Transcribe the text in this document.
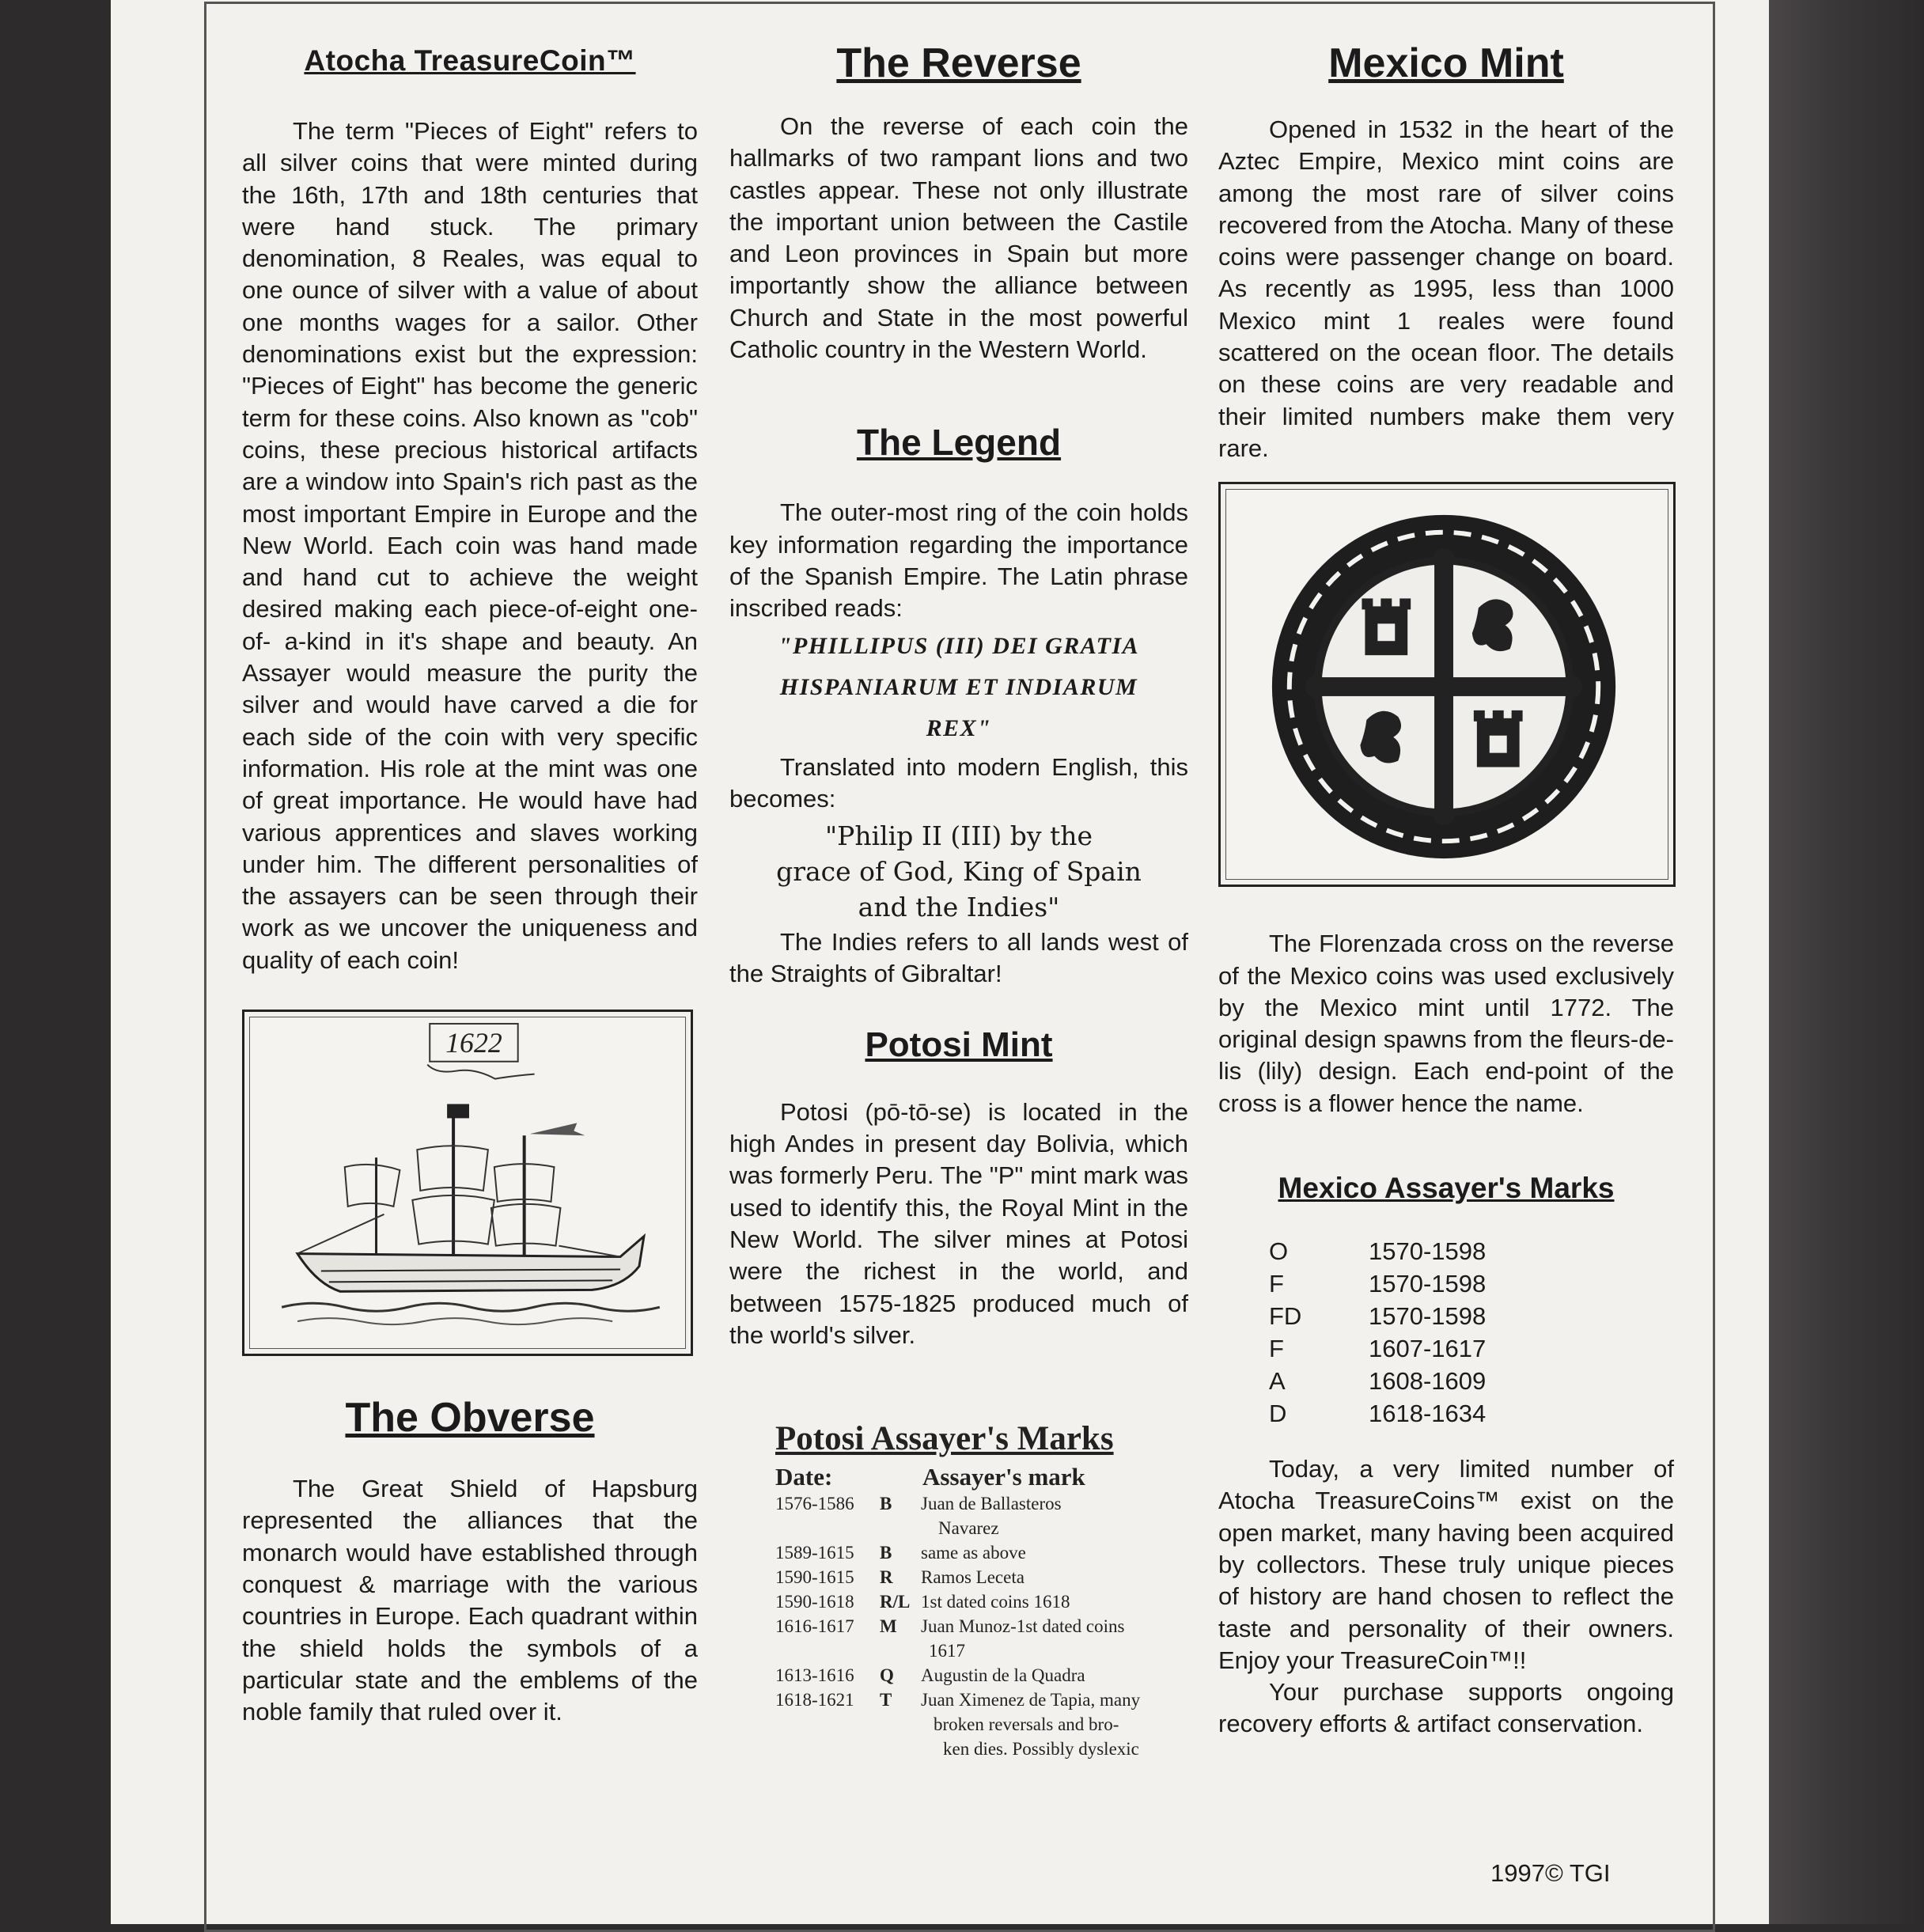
Atocha TreasureCoin™

The term "Pieces of Eight" refers to all silver coins that were minted during the 16th, 17th and 18th centuries that were hand stuck. The primary denomination, 8 Reales, was equal to one ounce of silver with a value of about one months wages for a sailor. Other denominations exist but the expression: "Pieces of Eight" has become the generic term for these coins. Also known as "cob" coins, these precious historical artifacts are a window into Spain's rich past as the most important Empire in Europe and the New World. Each coin was hand made and hand cut to achieve the weight desired making each piece-of-eight one-of- a-kind in it's shape and beauty. An Assayer would measure the purity the silver and would have carved a die for each side of the coin with very specific information. His role at the mint was one of great importance. He would have had various apprentices and slaves working under him. The different personalities of the assayers can be seen through their work as we uncover the uniqueness and quality of each coin!

1622
The Obverse

The Great Shield of Hapsburg represented the alliances that the monarch would have established through conquest & marriage with the various countries in Europe. Each quadrant within the shield holds the symbols of a particular state and the emblems of the noble family that ruled over it.

The Reverse

On the reverse of each coin the hallmarks of two rampant lions and two castles appear. These not only illustrate the important union between the Castile and Leon provinces in Spain but more importantly show the alliance between Church and State in the most powerful Catholic country in the Western World.

The Legend

The outer-most ring of the coin holds key information regarding the importance of the Spanish Empire. The Latin phrase inscribed reads:

"PHILLIPUS (III) DEI GRATIA
HISPANIARUM ET INDIARUM
REX"

Translated into modern English, this becomes:

"Philip II (III) by the
grace of God, King of Spain
and the Indies"

The Indies refers to all lands west of the Straights of Gibraltar!

Potosi Mint

Potosi (pō-tō-se) is located in the high Andes in present day Bolivia, which was formerly Peru. The "P" mint mark was used to identify this, the Royal Mint in the New World. The silver mines at Potosi were the richest in the world, and between 1575-1825 produced much of the world's silver.

Potosi Assayer's Marks
Date:	Assayer's mark
1576-1586	B	Juan de Ballasteros
Navarez
1589-1615	B	same as above
1590-1615	R	Ramos Leceta
1590-1618	R/L 1st dated coins 1618
1616-1617	M	Juan Munoz-1st dated coins
1617
1613-1616	Q	Augustin de la Quadra
1618-1621	T	Juan Ximenez de Tapia, many
broken reversals and bro-
ken dies. Possibly dyslexic
Mexico Mint

Opened in 1532 in the heart of the Aztec Empire, Mexico mint coins are among the most rare of silver coins recovered from the Atocha. Many of these coins were passenger change on board. As recently as 1995, less than 1000 Mexico mint 1 reales were found scattered on the ocean floor. The details on these coins are very readable and their limited numbers make them very rare.

The Florenzada cross on the reverse of the Mexico coins was used exclusively by the Mexico mint until 1772. The original design spawns from the fleurs-de-lis (lily) design. Each end-point of the cross is a flower hence the name.

Mexico Assayer's Marks
O	1570-1598
F	1570-1598
FD	1570-1598
F	1607-1617
A	1608-1609
D	1618-1634

Today, a very limited number of Atocha TreasureCoins™ exist on the open market, many having been acquired by collectors. These truly unique pieces of history are hand chosen to reflect the taste and personality of their owners. Enjoy your TreasureCoin™!!

Your purchase supports ongoing recovery efforts & artifact conservation.

1997© TGI
